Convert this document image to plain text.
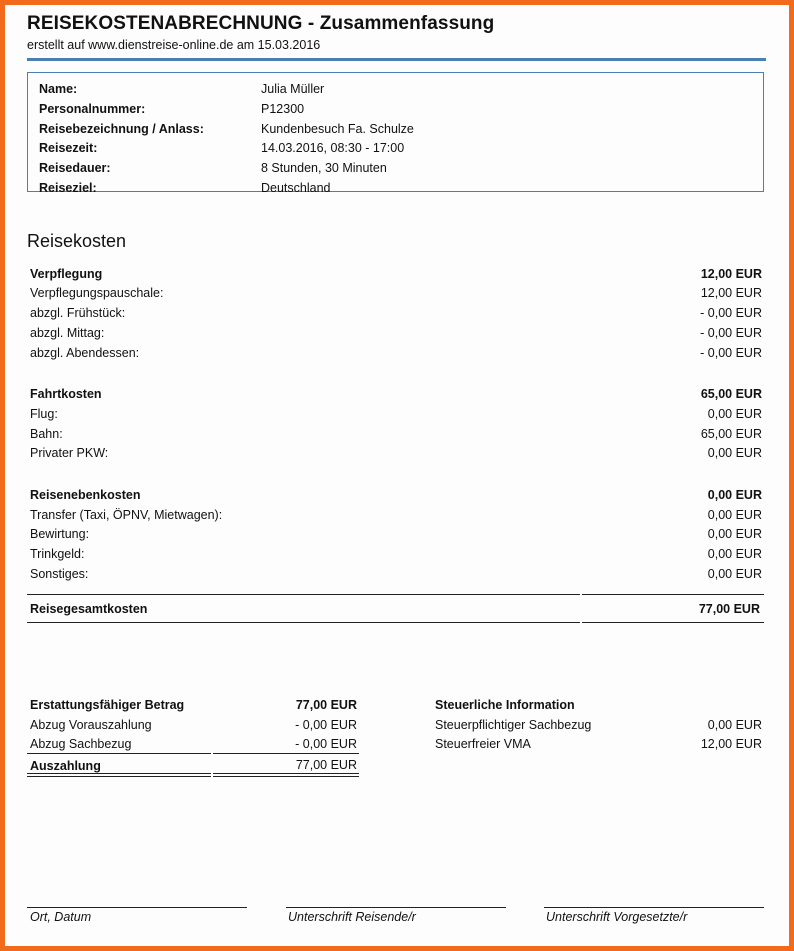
REISEKOSTENABRECHNUNG - Zusammenfassung
erstellt auf www.dienstreise-online.de am 15.03.2016
Name:	Julia Müller
Personalnummer:	P12300
Reisebezeichnung / Anlass:	Kundenbesuch Fa. Schulze
Reisezeit:	14.03.2016, 08:30 - 17:00
Reisedauer:	8 Stunden, 30 Minuten
Reiseziel:	Deutschland
Reisekosten
Verpflegung	12,00 EUR
Verpflegungspauschale:	12,00 EUR
abzgl. Frühstück:	- 0,00 EUR
abzgl. Mittag:	- 0,00 EUR
abzgl. Abendessen:	- 0,00 EUR
Fahrtkosten	65,00 EUR
Flug:	0,00 EUR
Bahn:	65,00 EUR
Privater PKW:	0,00 EUR
Reisenebenkosten	0,00 EUR
Transfer (Taxi, ÖPNV, Mietwagen):	0,00 EUR
Bewirtung:	0,00 EUR
Trinkgeld:	0,00 EUR
Sonstiges:	0,00 EUR
Reisegesamtkosten	77,00 EUR
Erstattungsfähiger Betrag	77,00 EUR
Abzug Vorauszahlung	- 0,00 EUR
Abzug Sachbezug	- 0,00 EUR
Auszahlung	77,00 EUR
Steuerliche Information
Steuerpflichtiger Sachbezug	0,00 EUR
Steuerfreier VMA	12,00 EUR
Ort, Datum	Unterschrift Reisende/r	Unterschrift Vorgesetzte/r
